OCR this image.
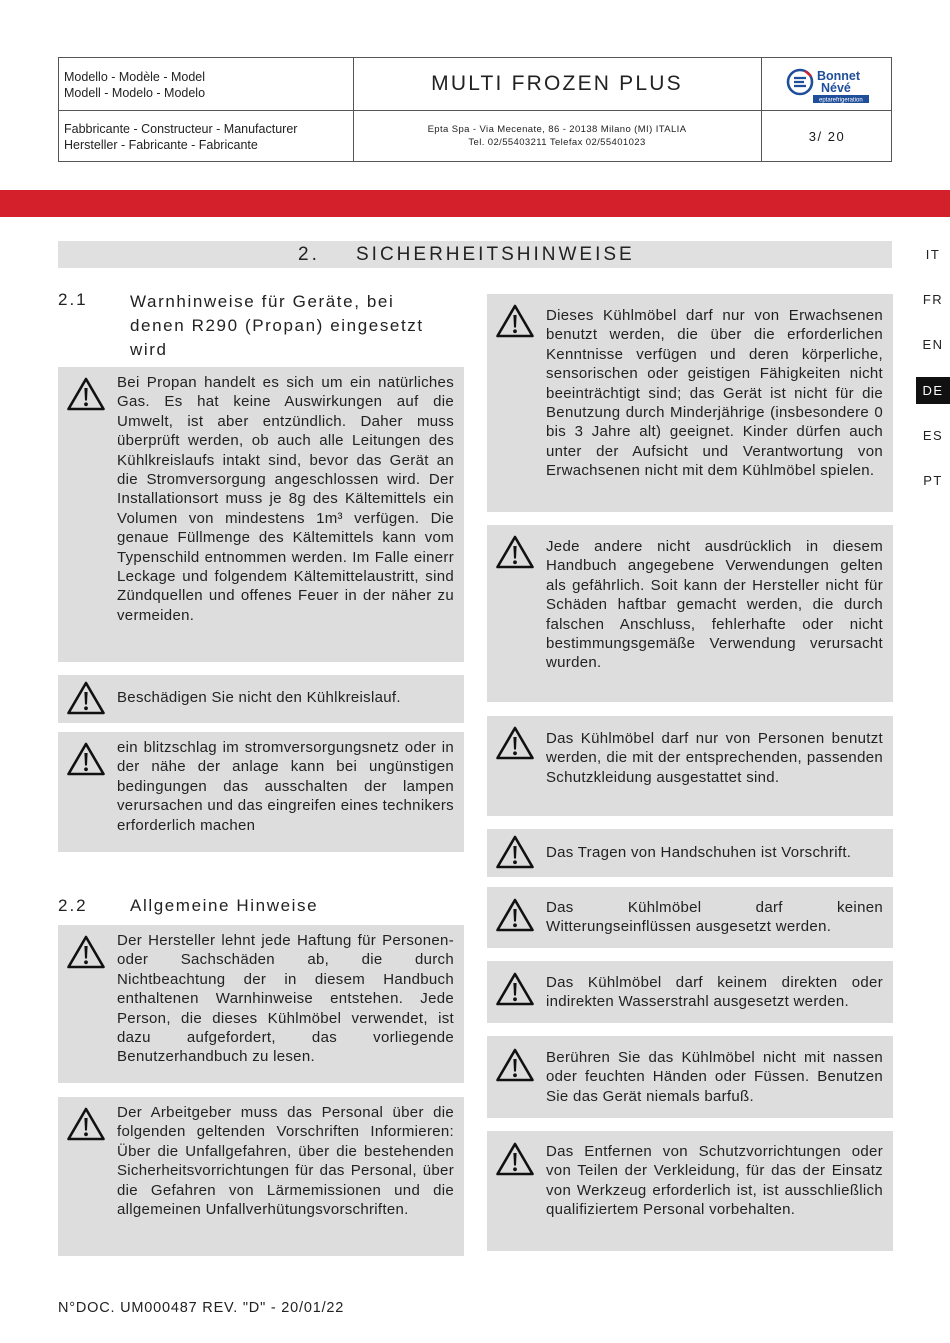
Modello - Modèle - Model
Modell - Modelo - Modelo
Fabbricante - Constructeur - Manufacturer
Hersteller - Fabricante - Fabricante
MULTI FROZEN PLUS
Epta Spa - Via Mecenate, 86 - 20138 Milano (MI) ITALIA
Tel. 02/55403211 Telefax 02/55401023	3/ 20
Bonnet
Névé
eptarefrigeration
2. SICHERHEITSHINWEISE	IT
FR
EN
DE
ES
PT
2.1 Warnhinweise für Geräte, bei
denen R290 (Propan) eingesetzt
wird
Bei Propan handelt es sich um ein natürliches Gas. Es hat keine Auswirkungen auf die Umwelt, ist aber entzündlich. Daher muss überprüft werden, ob auch alle Leitungen des Kühlkreislaufs intakt sind, bevor das Gerät an die Stromversorgung angeschlossen wird. Der Installationsort muss je 8g des Kältemittels ein Volumen von mindestens 1m³ verfügen. Die genaue Füllmenge des Kältemittels kann vom Typenschild entnommen werden. Im Falle einerr Leckage und folgendem Kältemittelaustritt, sind Zündquellen und offenes Feuer in der näher zu vermeiden.
Beschädigen Sie nicht den Kühlkreislauf.
ein blitzschlag im stromversorgungsnetz oder in der nähe der anlage kann bei ungünstigen bedingungen das ausschalten der lampen verursachen und das eingreifen eines technikers erforderlich machen
2.2 Allgemeine Hinweise
Der Hersteller lehnt jede Haftung für Personen- oder Sachschäden ab, die durch Nichtbeachtung der in diesem Handbuch enthaltenen Warnhinweise entstehen. Jede Person, die dieses Kühlmöbel verwendet, ist dazu aufgefordert, das vorliegende Benutzerhandbuch zu lesen.
Der Arbeitgeber muss das Personal über die folgenden geltenden Vorschriften Informieren: Über die Unfallgefahren, über die bestehenden Sicherheitsvorrichtungen für das Personal, über die Gefahren von Lärmemissionen und die allgemeinen Unfallverhütungsvorschriften.
Dieses Kühlmöbel darf nur von Erwachsenen benutzt werden, die über die erforderlichen Kenntnisse verfügen und deren körperliche, sensorischen oder geistigen Fähigkeiten nicht beeinträchtigt sind; das Gerät ist nicht für die Benutzung durch Minderjährige (insbesondere 0 bis 3 Jahre alt) geeignet. Kinder dürfen auch unter der Aufsicht und Verantwortung von Erwachsenen nicht mit dem Kühlmöbel spielen.
Jede andere nicht ausdrücklich in diesem Handbuch angegebene Verwendungen gelten als gefährlich. Soit kann der Hersteller nicht für Schäden haftbar gemacht werden, die durch falschen Anschluss, fehlerhafte oder nicht bestimmungsgemäße Verwendung verursacht wurden.
Das Kühlmöbel darf nur von Personen benutzt werden, die mit der entsprechenden, passenden Schutzkleidung ausgestattet sind.
Das Tragen von Handschuhen ist Vorschrift.
Das Kühlmöbel darf keinen Witterungseinflüssen ausgesetzt werden.
Das Kühlmöbel darf keinem direkten oder indirekten Wasserstrahl ausgesetzt werden.
Berühren Sie das Kühlmöbel nicht mit nassen oder feuchten Händen oder Füssen. Benutzen Sie das Gerät niemals barfuß.
Das Entfernen von Schutzvorrichtungen oder von Teilen der Verkleidung, für das der Einsatz von Werkzeug erforderlich ist, ist ausschließlich qualifiziertem Personal vorbehalten.
N°DOC. UM000487 REV. "D" - 20/01/22
